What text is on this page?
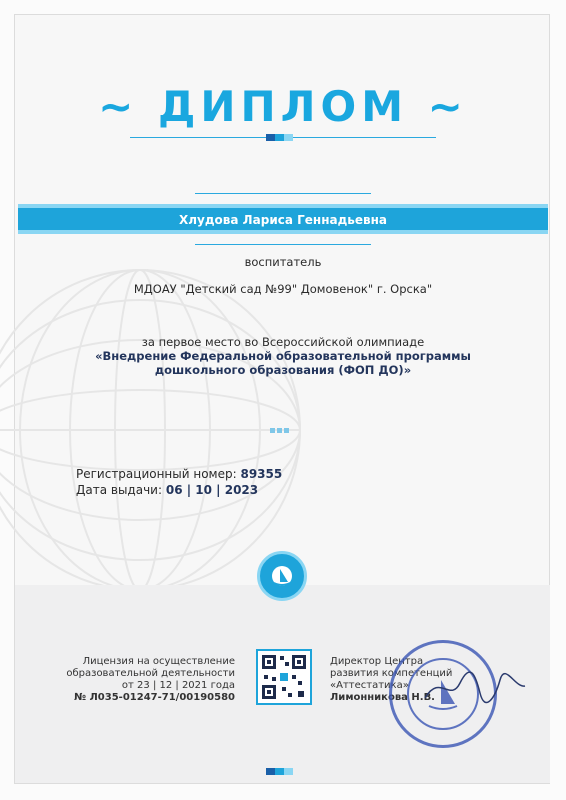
~ ДИПЛОМ ~
Хлудова Лариса Геннадьевна
воспитатель
МДОАУ "Детский сад №99" Домовенок" г. Орска"
за первое место во Всероссийской олимпиаде
«Внедрение Федеральной образовательной программы
дошкольного образования (ФОП ДО)»
Регистрационный номер: 89355
Дата выдачи: 06 | 10 | 2023
Лицензия на осуществление
образовательной деятельности
от 23 | 12 | 2021 года
№ Л035-01247-71/00190580
Директор Центра
развития компетенций
«Аттестатика»
Лимонникова Н.В.
